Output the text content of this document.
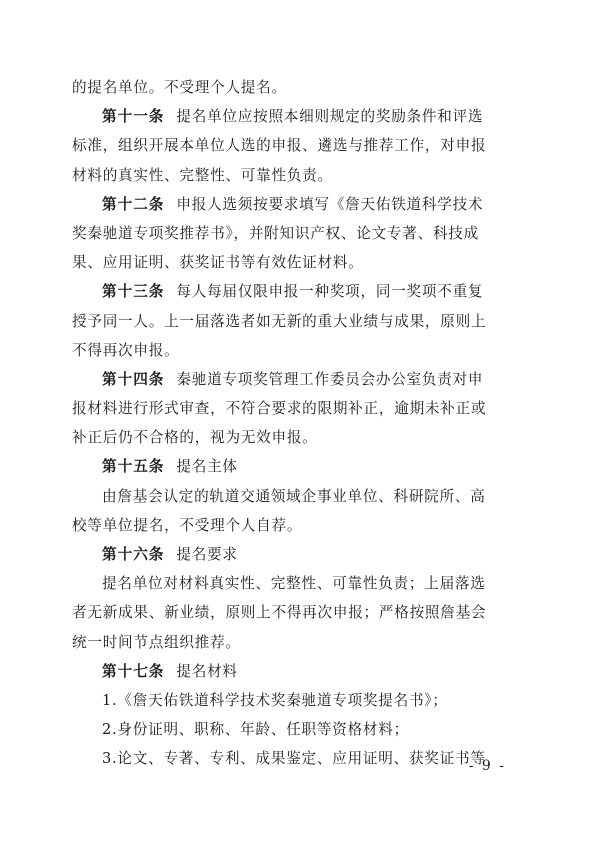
的提名单位。不受理个人提名。
第十一条 提名单位应按照本细则规定的奖励条件和评选
标准，组织开展本单位人选的申报、遴选与推荐工作，对申报
材料的真实性、完整性、可靠性负责。
第十二条 申报人选须按要求填写《詹天佑铁道科学技术
奖秦驰道专项奖推荐书》，并附知识产权、论文专著、科技成
果、应用证明、获奖证书等有效佐证材料。
第十三条 每人每届仅限申报一种奖项，同一奖项不重复
授予同一人。上一届落选者如无新的重大业绩与成果，原则上
不得再次申报。
第十四条 秦驰道专项奖管理工作委员会办公室负责对申
报材料进行形式审查，不符合要求的限期补正，逾期未补正或
补正后仍不合格的，视为无效申报。
第十五条 提名主体
由詹基会认定的轨道交通领域企事业单位、科研院所、高
校等单位提名，不受理个人自荐。
第十六条 提名要求
提名单位对材料真实性、完整性、可靠性负责；上届落选
者无新成果、新业绩，原则上不得再次申报；严格按照詹基会
统一时间节点组织推荐。
第十七条 提名材料
1.《詹天佑铁道科学技术奖秦驰道专项奖提名书》；
2.身份证明、职称、年龄、任职等资格材料；
3.论文、专著、专利、成果鉴定、应用证明、获奖证书等
- 9 -
